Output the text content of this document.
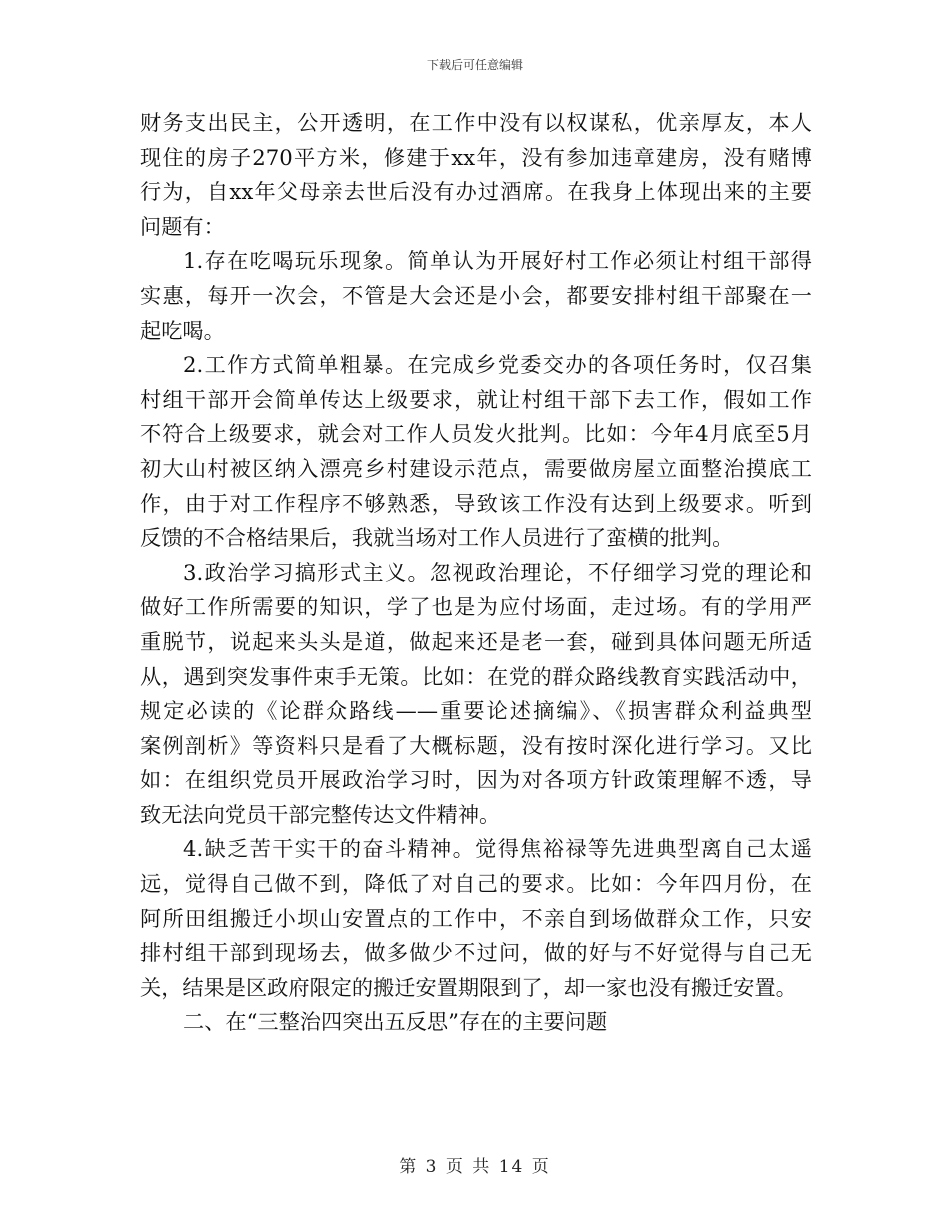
下载后可任意编辑
财务支出民主，公开透明，在工作中没有以权谋私，优亲厚友，本人
现住的房子270平方米，修建于xx年，没有参加违章建房，没有赌博
行为，自xx年父母亲去世后没有办过酒席。在我身上体现出来的主要
问题有：
1.存在吃喝玩乐现象。简单认为开展好村工作必须让村组干部得
实惠，每开一次会，不管是大会还是小会，都要安排村组干部聚在一
起吃喝。
2.工作方式简单粗暴。在完成乡党委交办的各项任务时，仅召集
村组干部开会简单传达上级要求，就让村组干部下去工作，假如工作
不符合上级要求，就会对工作人员发火批判。比如：今年4月底至5月
初大山村被区纳入漂亮乡村建设示范点，需要做房屋立面整治摸底工
作，由于对工作程序不够熟悉，导致该工作没有达到上级要求。听到
反馈的不合格结果后，我就当场对工作人员进行了蛮横的批判。
3.政治学习搞形式主义。忽视政治理论，不仔细学习党的理论和
做好工作所需要的知识，学了也是为应付场面，走过场。有的学用严
重脱节，说起来头头是道，做起来还是老一套，碰到具体问题无所适
从，遇到突发事件束手无策。比如：在党的群众路线教育实践活动中，
规定必读的《论群众路线——重要论述摘编》、《损害群众利益典型
案例剖析》等资料只是看了大概标题，没有按时深化进行学习。又比
如：在组织党员开展政治学习时，因为对各项方针政策理解不透，导
致无法向党员干部完整传达文件精神。
4.缺乏苦干实干的奋斗精神。觉得焦裕禄等先进典型离自己太遥
远，觉得自己做不到，降低了对自己的要求。比如：今年四月份，在
阿所田组搬迁小坝山安置点的工作中，不亲自到场做群众工作，只安
排村组干部到现场去，做多做少不过问，做的好与不好觉得与自己无
关，结果是区政府限定的搬迁安置期限到了，却一家也没有搬迁安置。
二、在“三整治四突出五反思”存在的主要问题
第 3 页 共 14 页
